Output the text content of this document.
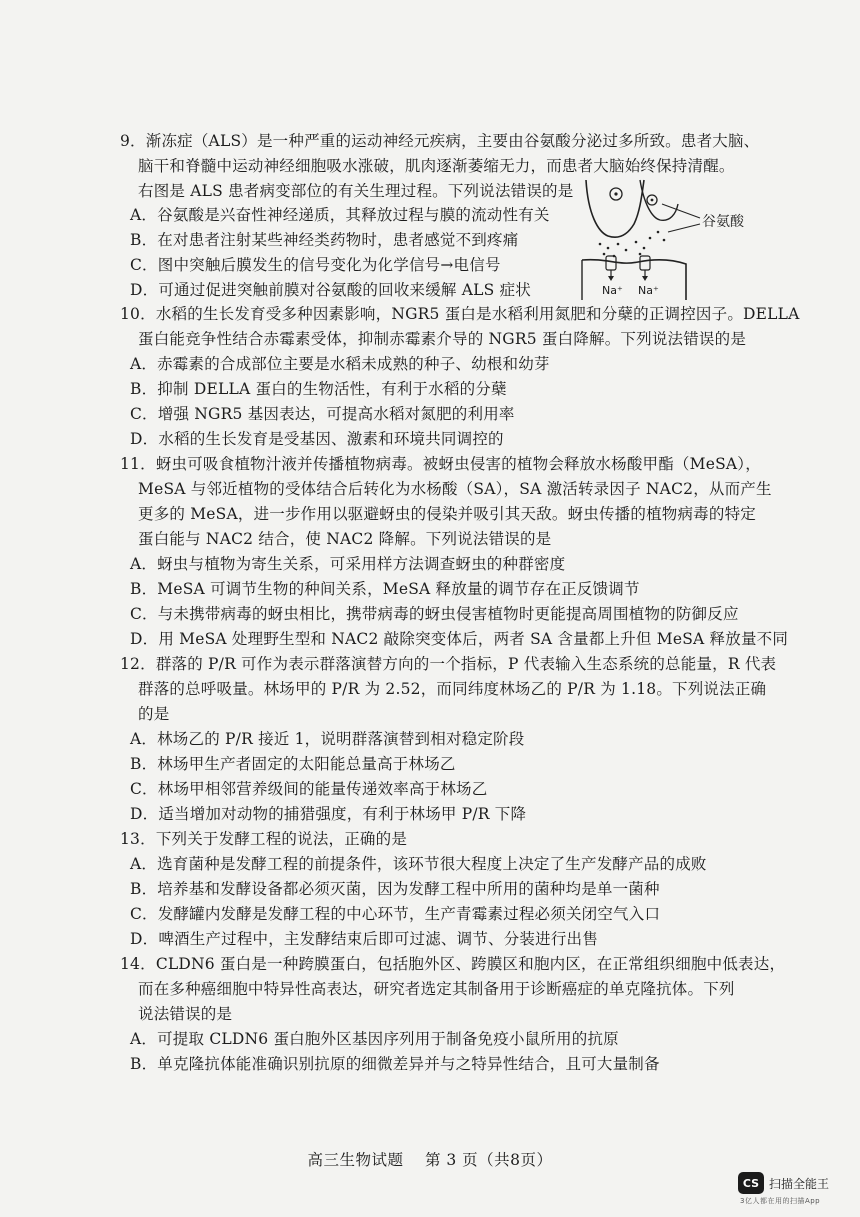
9．渐冻症（ALS）是一种严重的运动神经元疾病，主要由谷氨酸分泌过多所致。患者大脑、
脑干和脊髓中运动神经细胞吸水涨破，肌肉逐渐萎缩无力，而患者大脑始终保持清醒。
右图是 ALS 患者病变部位的有关生理过程。下列说法错误的是
A．谷氨酸是兴奋性神经递质，其释放过程与膜的流动性有关
B．在对患者注射某些神经类药物时，患者感觉不到疼痛
C．图中突触后膜发生的信号变化为化学信号→电信号
D．可通过促进突触前膜对谷氨酸的回收来缓解 ALS 症状
谷氨酸
Na⁺ Na⁺
10．水稻的生长发育受多种因素影响，NGR5 蛋白是水稻利用氮肥和分蘖的正调控因子。DELLA
蛋白能竞争性结合赤霉素受体，抑制赤霉素介导的 NGR5 蛋白降解。下列说法错误的是
A．赤霉素的合成部位主要是水稻未成熟的种子、幼根和幼芽
B．抑制 DELLA 蛋白的生物活性，有利于水稻的分蘖
C．增强 NGR5 基因表达，可提高水稻对氮肥的利用率
D．水稻的生长发育是受基因、激素和环境共同调控的
11．蚜虫可吸食植物汁液并传播植物病毒。被蚜虫侵害的植物会释放水杨酸甲酯（MeSA），
MeSA 与邻近植物的受体结合后转化为水杨酸（SA），SA 激活转录因子 NAC2，从而产生
更多的 MeSA，进一步作用以驱避蚜虫的侵染并吸引其天敌。蚜虫传播的植物病毒的特定
蛋白能与 NAC2 结合，使 NAC2 降解。下列说法错误的是
A．蚜虫与植物为寄生关系，可采用样方法调查蚜虫的种群密度
B．MeSA 可调节生物的种间关系，MeSA 释放量的调节存在正反馈调节
C．与未携带病毒的蚜虫相比，携带病毒的蚜虫侵害植物时更能提高周围植物的防御反应
D．用 MeSA 处理野生型和 NAC2 敲除突变体后，两者 SA 含量都上升但 MeSA 释放量不同
12．群落的 P/R 可作为表示群落演替方向的一个指标，P 代表输入生态系统的总能量，R 代表
群落的总呼吸量。林场甲的 P/R 为 2.52，而同纬度林场乙的 P/R 为 1.18。下列说法正确
的是
A．林场乙的 P/R 接近 1，说明群落演替到相对稳定阶段
B．林场甲生产者固定的太阳能总量高于林场乙
C．林场甲相邻营养级间的能量传递效率高于林场乙
D．适当增加对动物的捕猎强度，有利于林场甲 P/R 下降
13．下列关于发酵工程的说法，正确的是
A．选育菌种是发酵工程的前提条件，该环节很大程度上决定了生产发酵产品的成败
B．培养基和发酵设备都必须灭菌，因为发酵工程中所用的菌种均是单一菌种
C．发酵罐内发酵是发酵工程的中心环节，生产青霉素过程必须关闭空气入口
D．啤酒生产过程中，主发酵结束后即可过滤、调节、分装进行出售
14．CLDN6 蛋白是一种跨膜蛋白，包括胞外区、跨膜区和胞内区，在正常组织细胞中低表达，
而在多种癌细胞中特异性高表达，研究者选定其制备用于诊断癌症的单克隆抗体。下列
说法错误的是
A．可提取 CLDN6 蛋白胞外区基因序列用于制备免疫小鼠所用的抗原
B．单克隆抗体能准确识别抗原的细微差异并与之特异性结合，且可大量制备
高三生物试题 第 3 页（共8页）
CS 扫描全能王
3亿人都在用的扫描App
